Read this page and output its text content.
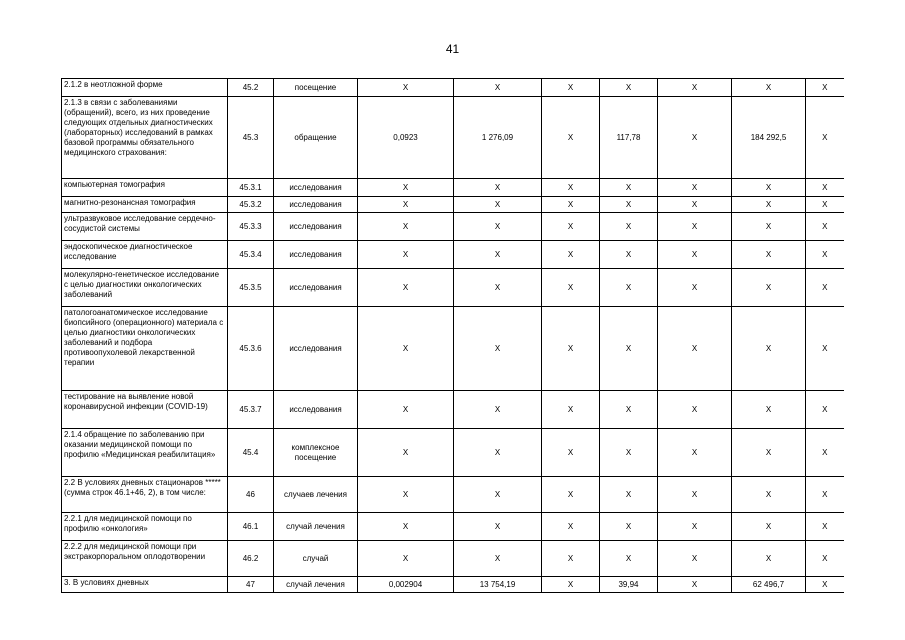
41
2.1.2 в неотложной форме	45.2	посещение	X	X	X	X	X	X	X
2.1.3 в связи с заболеваниями (обращений), всего, из них проведение следующих отдельных диагностических (лабораторных) исследований в рамках базовой программы обязательного медицинского страхования:	45.3	обращение	0,0923	1 276,09	X	117,78	X	184 292,5	X
компьютерная томография	45.3.1	исследования	X	X	X	X	X	X	X
магнитно-резонансная томография	45.3.2	исследования	X	X	X	X	X	X	X
ультразвуковое исследование сердечно-сосудистой системы	45.3.3	исследования	X	X	X	X	X	X	X
эндоскопическое диагностическое исследование	45.3.4	исследования	X	X	X	X	X	X	X
молекулярно-генетическое исследование с целью диагностики онкологических заболеваний	45.3.5	исследования	X	X	X	X	X	X	X
патологоанатомическое исследование биопсийного (операционного) материала с целью диагностики онкологических заболеваний и подбора противоопухолевой лекарственной терапии	45.3.6	исследования	X	X	X	X	X	X	X
тестирование на выявление новой коронавирусной инфекции (COVID-19)	45.3.7	исследования	X	X	X	X	X	X	X
2.1.4 обращение по заболеванию при оказании медицинской помощи по профилю «Медицинская реабилитация»	45.4	комплексное посещение	X	X	X	X	X	X	X
2.2 В условиях дневных стационаров *****(сумма строк 46.1+46, 2), в том числе:	46	случаев лечения	X	X	X	X	X	X	X
2.2.1 для медицинской помощи по профилю «онкология»	46.1	случай лечения	X	X	X	X	X	X	X
2.2.2 для медицинской помощи при экстракорпоральном оплодотворении	46.2	случай	X	X	X	X	X	X	X
3. В условиях дневных	47	случай лечения	0,002904	13 754,19	X	39,94	X	62 496,7	X
